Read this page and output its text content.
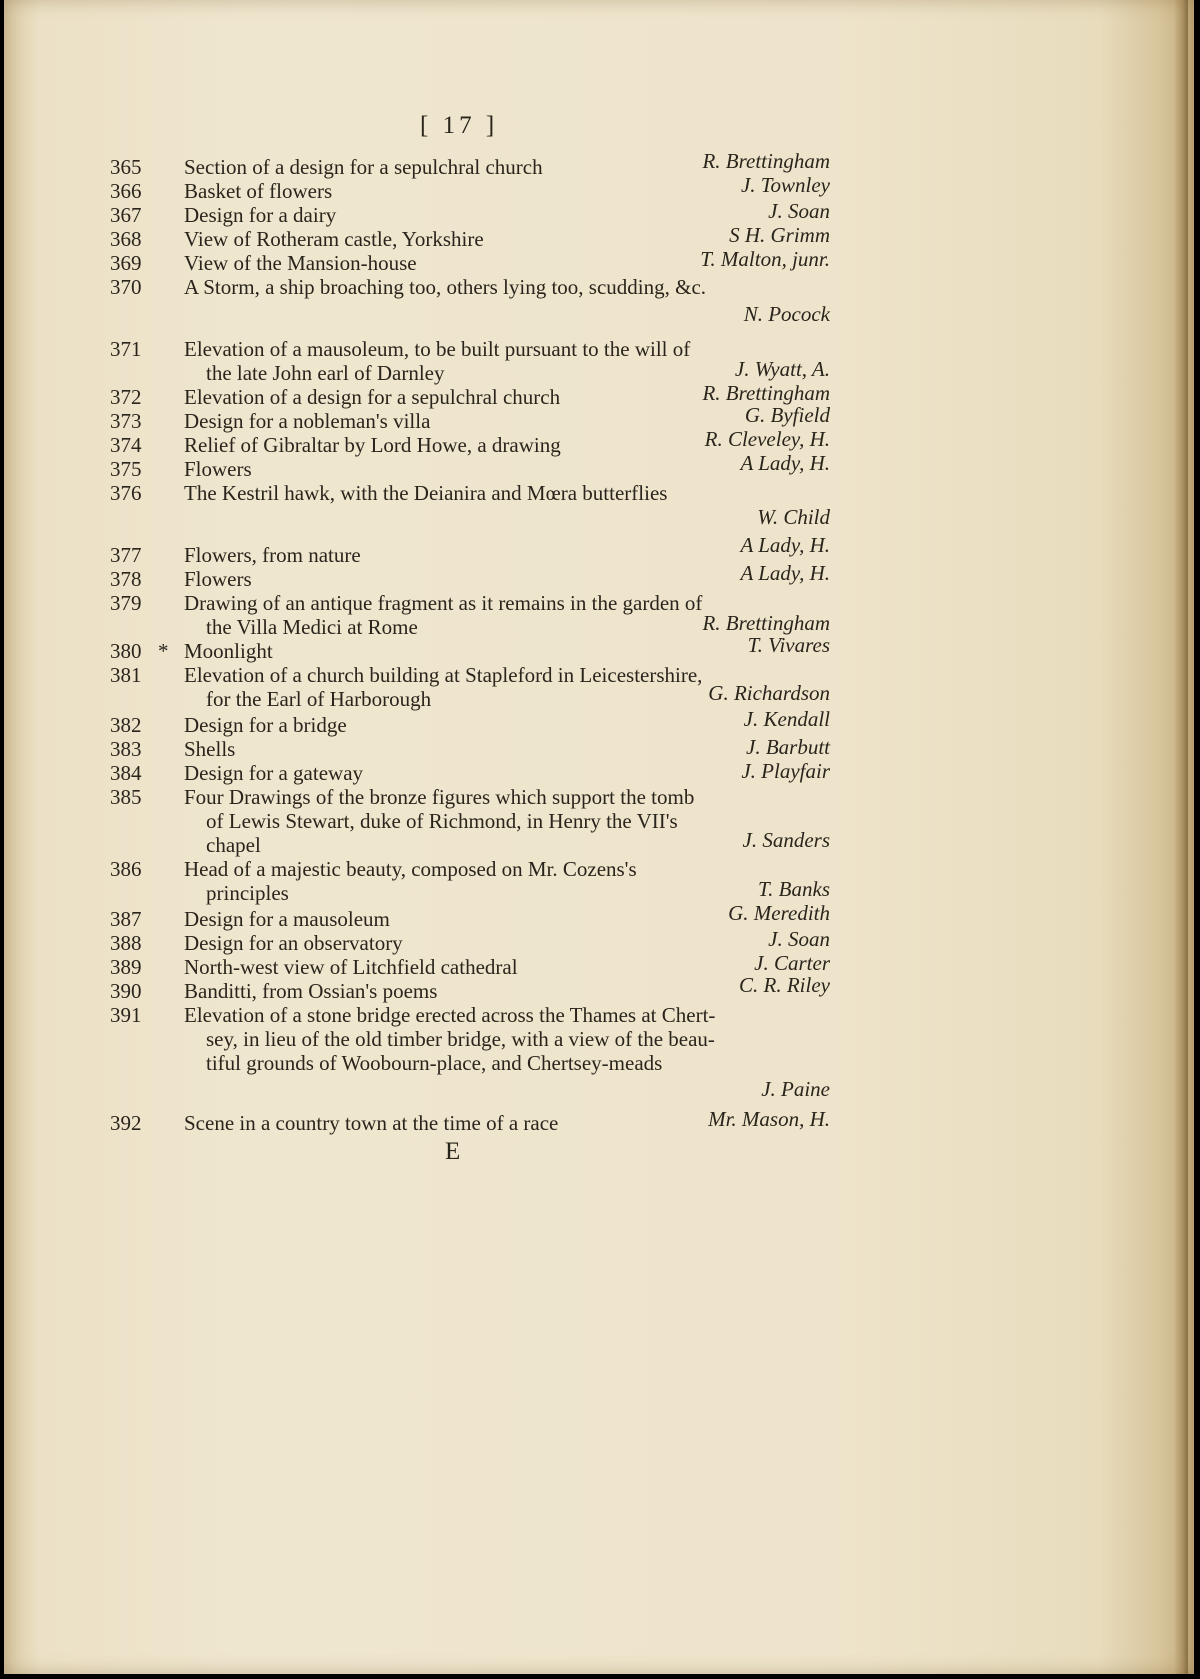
[ 17 ]
365	Section of a design for a sepulchral church	R. Brettingham
366	Basket of flowers	J. Townley
367	Design for a dairy	J. Soan
368	View of Rotheram castle, Yorkshire	S H. Grimm
369	View of the Mansion-house	T. Malton, junr.
370	A Storm, a ship broaching too, others lying too, scudding, &c.
N. Pocock
371	Elevation of a mausoleum, to be built pursuant to the will of
the late John earl of Darnley	J. Wyatt, A.
372	Elevation of a design for a sepulchral church	R. Brettingham
373	Design for a nobleman's villa	G. Byfield
374	Relief of Gibraltar by Lord Howe, a drawing	R. Cleveley, H.
375	Flowers	A Lady, H.
376	The Kestril hawk, with the Deianira and Mœra butterflies
W. Child
377	Flowers, from nature	A Lady, H.
378	Flowers	A Lady, H.
379	Drawing of an antique fragment as it remains in the garden of
the Villa Medici at Rome	R. Brettingham
380 * Moonlight	T. Vivares
381	Elevation of a church building at Stapleford in Leicestershire,
for the Earl of Harborough	G. Richardson
382	Design for a bridge	J. Kendall
383	Shells	J. Barbutt
384	Design for a gateway	J. Playfair
385	Four Drawings of the bronze figures which support the tomb
of Lewis Stewart, duke of Richmond, in Henry the VII's
chapel	J. Sanders
386	Head of a majestic beauty, composed on Mr. Cozens's
principles	T. Banks
387	Design for a mausoleum	G. Meredith
388	Design for an observatory	J. Soan
389	North-west view of Litchfield cathedral	J. Carter
390	Banditti, from Ossian's poems	C. R. Riley
391	Elevation of a stone bridge erected across the Thames at Chert-
sey, in lieu of the old timber bridge, with a view of the beau-
tiful grounds of Woobourn-place, and Chertsey-meads
J. Paine
392	Scene in a country town at the time of a race	Mr. Mason, H.
E
